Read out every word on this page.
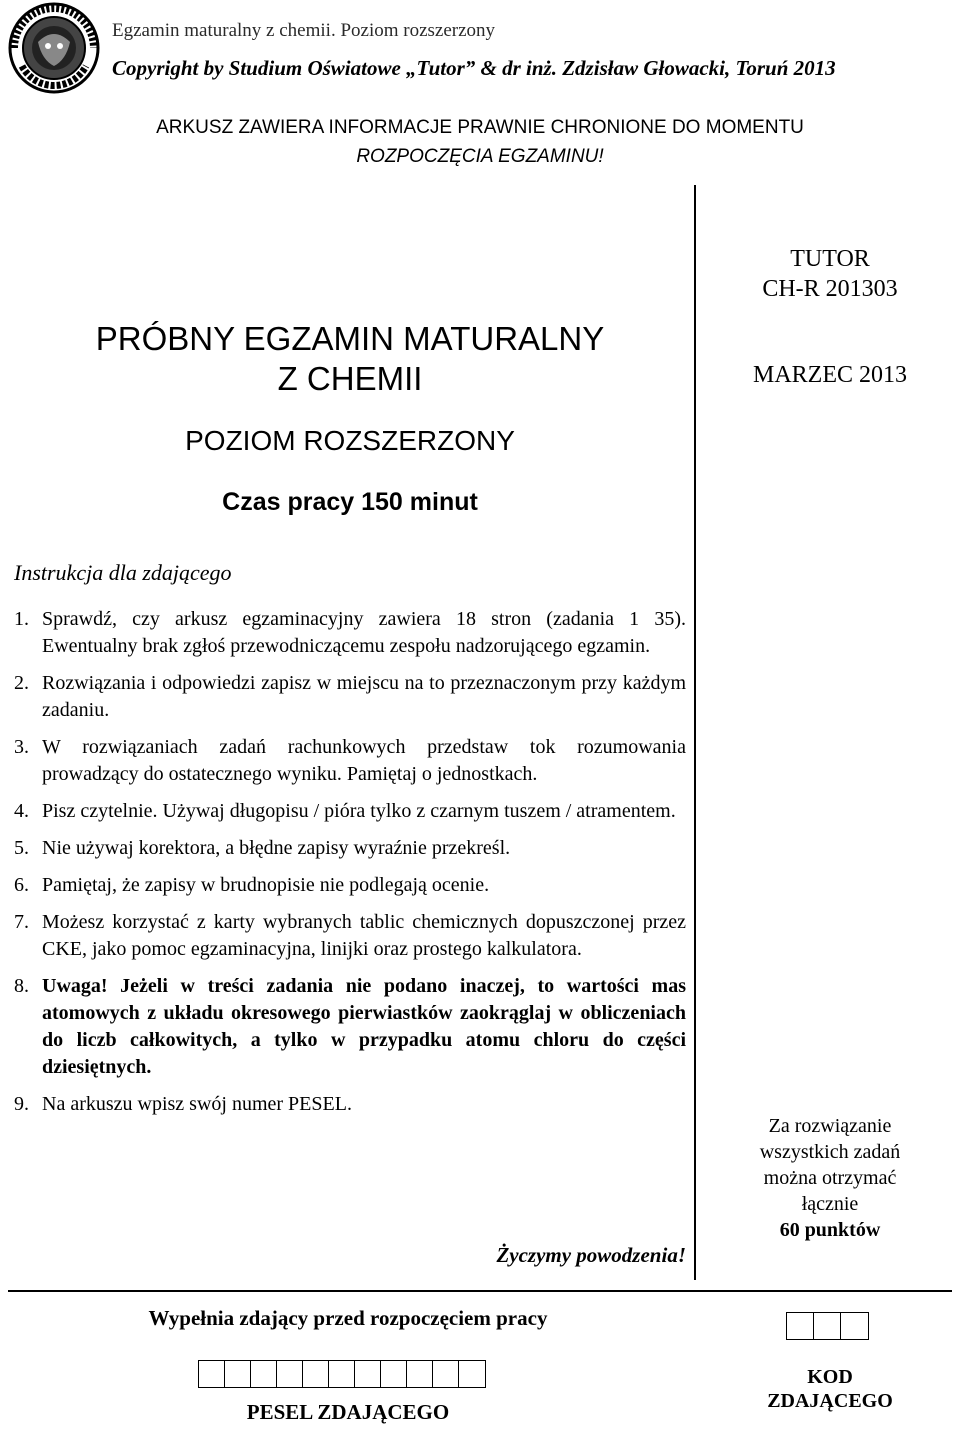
Egzamin maturalny z chemii. Poziom rozszerzony
Copyright by Studium Oświatowe „Tutor” & dr inż. Zdzisław Głowacki, Toruń 2013
ARKUSZ ZAWIERA INFORMACJE PRAWNIE CHRONIONE DO MOMENTU
ROZPOCZĘCIA EGZAMINU!
PRÓBNY EGZAMIN MATURALNY
Z CHEMII
POZIOM ROZSZERZONY
Czas pracy 150 minut
TUTOR
CH-R 201303
MARZEC 2013
Instrukcja dla zdającego
1. Sprawdź, czy arkusz egzaminacyjny zawiera 18 stron (zadania 1 35). Ewentualny brak zgłoś przewodniczącemu zespołu nadzorującego egzamin.
2. Rozwiązania i odpowiedzi zapisz w miejscu na to przeznaczonym przy każdym zadaniu.
3. W rozwiązaniach zadań rachunkowych przedstaw tok rozumowania prowadzący do ostatecznego wyniku. Pamiętaj o jednostkach.
4. Pisz czytelnie. Używaj długopisu / pióra tylko z czarnym tuszem / atramentem.
5. Nie używaj korektora, a błędne zapisy wyraźnie przekreśl.
6. Pamiętaj, że zapisy w brudnopisie nie podlegają ocenie.
7. Możesz korzystać z karty wybranych tablic chemicznych dopuszczonej przez CKE, jako pomoc egzaminacyjna, linijki oraz prostego kalkulatora.
8. Uwaga! Jeżeli w treści zadania nie podano inaczej, to wartości mas atomowych z układu okresowego pierwiastków zaokrąglaj w obliczeniach do liczb całkowitych, a tylko w przypadku atomu chloru do części dziesiętnych.
9. Na arkuszu wpisz swój numer PESEL.
Życzymy powodzenia!
Za rozwiązanie
wszystkich zadań
można otrzymać
łącznie
60 punktów
Wypełnia zdający przed rozpoczęciem pracy
PESEL ZDAJĄCEGO
KOD
ZDAJĄCEGO
